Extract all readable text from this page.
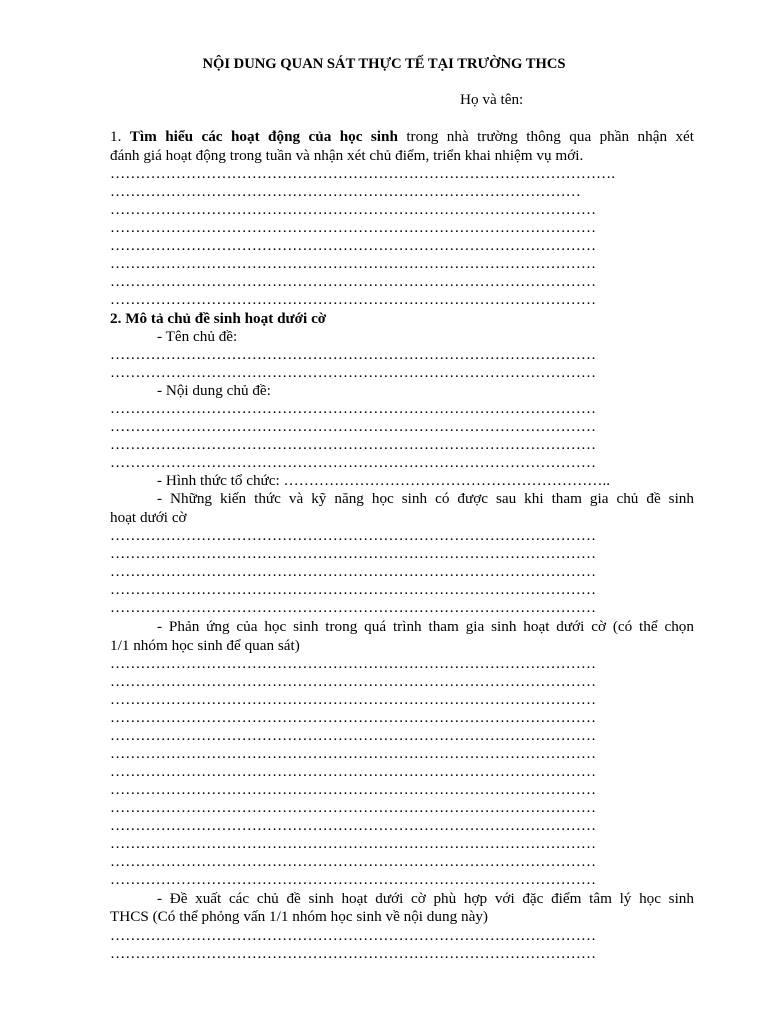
NỘI DUNG QUAN SÁT THỰC TẾ TẠI TRƯỜNG THCS
Họ và tên:
1. Tìm hiểu các hoạt động của học sinh trong nhà trường thông qua phần nhận xét
đánh giá hoạt động trong tuần và nhận xét chủ điểm, triển khai nhiệm vụ mới.
……………………………………………………………………………………….
…………………………………………………………………………………
……………………………………………………………………………………
……………………………………………………………………………………
……………………………………………………………………………………
……………………………………………………………………………………
……………………………………………………………………………………
……………………………………………………………………………………
2. Mô tả chủ đề sinh hoạt dưới cờ
- Tên chủ đề:
……………………………………………………………………………………
……………………………………………………………………………………
- Nội dung chủ đề:
……………………………………………………………………………………
……………………………………………………………………………………
……………………………………………………………………………………
……………………………………………………………………………………
- Hình thức tổ chức: ………………………………………………………..
- Những kiến thức và kỹ năng học sinh có được sau khi tham gia chủ đề sinh
hoạt dưới cờ
……………………………………………………………………………………
……………………………………………………………………………………
……………………………………………………………………………………
……………………………………………………………………………………
……………………………………………………………………………………
- Phản ứng của học sinh trong quá trình tham gia sinh hoạt dưới cờ (có thể chọn
1/1 nhóm học sinh để quan sát)
……………………………………………………………………………………
……………………………………………………………………………………
……………………………………………………………………………………
……………………………………………………………………………………
……………………………………………………………………………………
……………………………………………………………………………………
……………………………………………………………………………………
……………………………………………………………………………………
……………………………………………………………………………………
……………………………………………………………………………………
……………………………………………………………………………………
……………………………………………………………………………………
……………………………………………………………………………………
- Đề xuất các chủ đề sinh hoạt dưới cờ phù hợp với đặc điểm tâm lý học sinh
THCS (Có thể phỏng vấn 1/1 nhóm học sinh về nội dung này)
……………………………………………………………………………………
……………………………………………………………………………………
